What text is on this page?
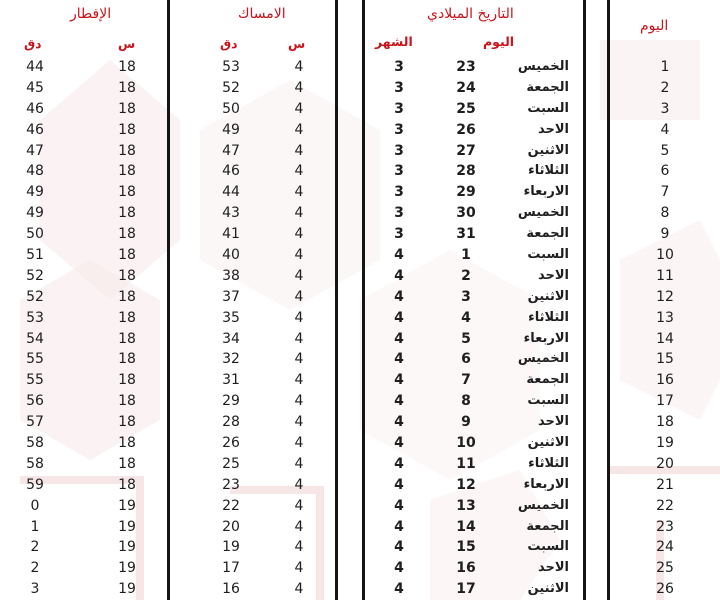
الإفطار
دق	س
44	18
45	18
46	18
46	18
47	18
48	18
49	18
49	18
50	18
51	18
52	18
52	18
53	18
54	18
55	18
55	18
56	18
57	18
58	18
58	18
59	18
0	19
1	19
2	19
2	19
3	19
الامساك
دق	س
53	4
52	4
50	4
49	4
47	4
46	4
44	4
43	4
41	4
40	4
38	4
37	4
35	4
34	4
32	4
31	4
29	4
28	4
26	4
25	4
23	4
22	4
20	4
19	4
17	4
16	4
التاريخ الميلادي
الشهر	اليوم
3	23	الخميس
3	24	الجمعة
3	25	السبت
3	26	الاحد
3	27	الاثنين
3	28	الثلاثاء
3	29	الاربعاء
3	30	الخميس
3	31	الجمعة
4	1	السبت
4	2	الاحد
4	3	الاثنين
4	4	الثلاثاء
4	5	الاربعاء
4	6	الخميس
4	7	الجمعة
4	8	السبت
4	9	الاحد
4	10	الاثنين
4	11	الثلاثاء
4	12	الاربعاء
4	13	الخميس
4	14	الجمعة
4	15	السبت
4	16	الاحد
4	17	الاثنين
اليوم
1
2
3
4
5
6
7
8
9
10
11
12
13
14
15
16
17
18
19
20
21
22
23
24
25
26
